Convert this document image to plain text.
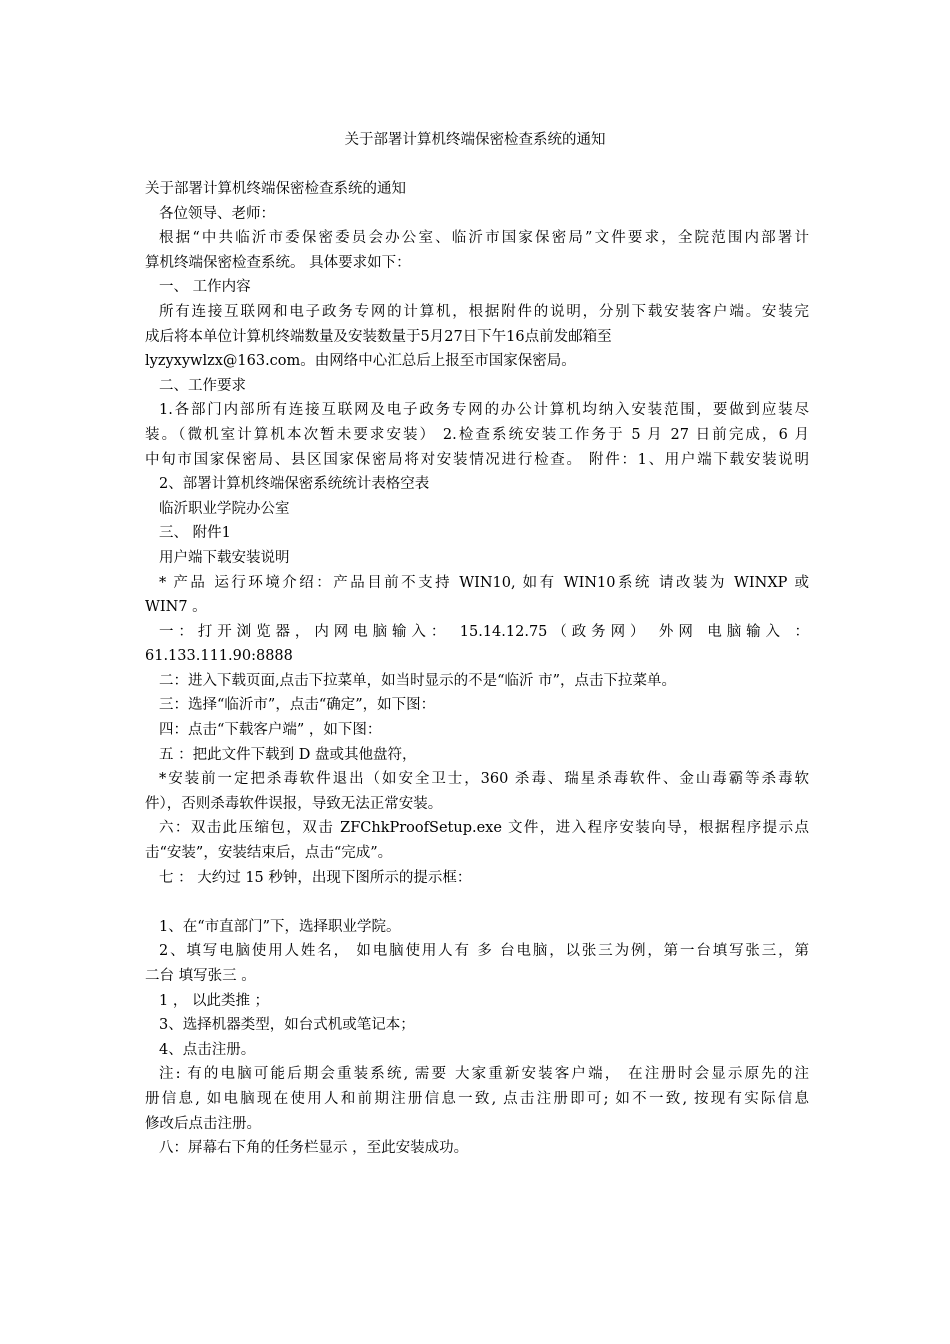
关于部署计算机终端保密检查系统的通知
关于部署计算机终端保密检查系统的通知
各位领导、老师：
根据“中共临沂市委保密委员会办公室、临沂市国家保密局”文件要求，全院范围内部署计
算机终端保密检查系统。 具体要求如下：
一、 工作内容
所有连接互联网和电子政务专网的计算机，根据附件的说明，分别下载安装客户端。安装完
成后将本单位计算机终端数量及安装数量于5月27日下午16点前发邮箱至
lyzyxywlzx@163.com。由网络中心汇总后上报至市国家保密局。
二、工作要求
1.各部门内部所有连接互联网及电子政务专网的办公计算机均纳入安装范围，要做到应装尽
装。（微机室计算机本次暂未要求安装） 2.检查系统安装工作务于 5 月 27 日前完成，6 月
中旬市国家保密局、县区国家保密局将对安装情况进行检查。 附件：1、用户端下载安装说明
2、部署计算机终端保密系统统计表格空表
临沂职业学院办公室
三、 附件1
用户端下载安装说明
* 产品 运行环境介绍：产品目前不支持 WIN10, 如有 WIN10系统 请改装为 WINXP 或
WIN7 。
一：打开浏览器，内网电脑输入： 15.14.12.75（政务网） 外网 电脑输入 ：
61.133.111.90:8888
二：进入下载页面,点击下拉菜单，如当时显示的不是“临沂 市”，点击下拉菜单。
三：选择“临沂市”，点击“确定”，如下图：
四：点击“下载客户端” ，如下图：
五 ：把此文件下载到 D 盘或其他盘符，
*安装前一定把杀毒软件退出（如安全卫士，360 杀毒、瑞星杀毒软件、金山毒霸等杀毒软
件），否则杀毒软件误报，导致无法正常安装。
六：双击此压缩包，双击 ZFChkProofSetup.exe 文件，进入程序安装向导，根据程序提示点
击“安装”，安装结束后，点击“完成”。
七 ： 大约过 15 秒钟，出现下图所示的提示框：
1、在“市直部门”下，选择职业学院。
2、填写电脑使用人姓名， 如电脑使用人有 多 台电脑，以张三为例，第一台填写张三，第
二台 填写张三 。
1 ， 以此类推 ；
3、选择机器类型，如台式机或笔记本；
4、点击注册。
注: 有的电脑可能后期会重装系统, 需要 大家重新安装客户端， 在注册时会显示原先的注
册信息, 如电脑现在使用人和前期注册信息一致, 点击注册即可; 如不一致, 按现有实际信息
修改后点击注册。
八：屏幕右下角的任务栏显示 ，至此安装成功。
